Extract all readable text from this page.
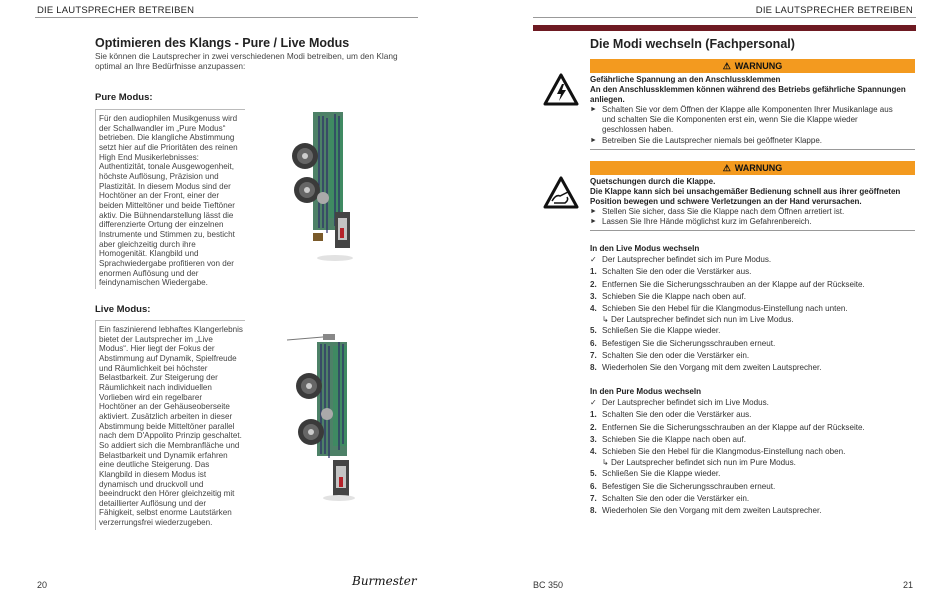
DIE LAUTSPRECHER BETREIBEN
Optimieren des Klangs - Pure / Live Modus
Sie können die Lautsprecher in zwei verschiedenen Modi betreiben, um den Klang
optimal an Ihre Bedürfnisse anzupassen:
Pure Modus:
Für den audiophilen Musikgenuss wird
der Schallwandler im „Pure Modus“
betrieben. Die klangliche Abstimmung
setzt hier auf die Prioritäten des reinen
High End Musikerlebnisses:
Authentizität, tonale Ausgewogenheit,
höchste Auflösung, Präzision und
Plastizität. In diesem Modus sind der
Hochtöner an der Front, einer der
beiden Mitteltöner und beide Tieftöner
aktiv. Die Bühnendarstellung lässt die
differenzierte Ortung der einzelnen
Instrumente und Stimmen zu, besticht
aber gleichzeitig durch ihre
Homogenität. Klangbild und
Sprachwiedergabe profitieren von der
enormen Auflösung und der
feindynamischen Wiedergabe.
Live Modus:
Ein faszinierend lebhaftes Klangerlebnis
bietet der Lautsprecher im „Live
Modus“. Hier liegt der Fokus der
Abstimmung auf Dynamik, Spielfreude
und Räumlichkeit bei höchster
Belastbarkeit. Zur Steigerung der
Räumlichkeit nach individuellen
Vorlieben wird ein regelbarer
Hochtöner an der Gehäuseoberseite
aktiviert. Zusätzlich arbeiten in dieser
Abstimmung beide Mitteltöner parallel
nach dem D'Appolito Prinzip geschaltet.
So addiert sich die Membranfläche und
Belastbarkeit und Dynamik erfahren
eine deutliche Steigerung. Das
Klangbild in diesem Modus ist
dynamisch und druckvoll und
beeindruckt den Hörer gleichzeitig mit
detaillierter Auflösung und der
Fähigkeit, selbst enorme Lautstärken
verzerrungsfrei wiederzugeben.
20	Burmester
DIE LAUTSPRECHER BETREIBEN
Die Modi wechseln (Fachpersonal)
⚠ WARNUNG
Gefährliche Spannung an den Anschlussklemmen
An den Anschlussklemmen können während des Betriebs gefährliche Spannungen
anliegen.
► Schalten Sie vor dem Öffnen der Klappe alle Komponenten Ihrer Musikanlage aus
und schalten Sie die Komponenten erst ein, wenn Sie die Klappe wieder
geschlossen haben.
► Betreiben Sie die Lautsprecher niemals bei geöffneter Klappe.
⚠ WARNUNG
Quetschungen durch die Klappe.
Die Klappe kann sich bei unsachgemäßer Bedienung schnell aus ihrer geöffneten
Position bewegen und schwere Verletzungen an der Hand verursachen.
► Stellen Sie sicher, dass Sie die Klappe nach dem Öffnen arretiert ist.
► Lassen Sie Ihre Hände möglichst kurz im Gefahrenbereich.
In den Live Modus wechseln
✓ Der Lautsprecher befindet sich im Pure Modus.
1. Schalten Sie den oder die Verstärker aus.
2. Entfernen Sie die Sicherungsschrauben an der Klappe auf der Rückseite.
3. Schieben Sie die Klappe nach oben auf.
4. Schieben Sie den Hebel für die Klangmodus-Einstellung nach unten.
↳ Der Lautsprecher befindet sich nun im Live Modus.
5. Schließen Sie die Klappe wieder.
6. Befestigen Sie die Sicherungsschrauben erneut.
7. Schalten Sie den oder die Verstärker ein.
8. Wiederholen Sie den Vorgang mit dem zweiten Lautsprecher.
In den Pure Modus wechseln
✓ Der Lautsprecher befindet sich im Live Modus.
1. Schalten Sie den oder die Verstärker aus.
2. Entfernen Sie die Sicherungsschrauben an der Klappe auf der Rückseite.
3. Schieben Sie die Klappe nach oben auf.
4. Schieben Sie den Hebel für die Klangmodus-Einstellung nach oben.
↳ Der Lautsprecher befindet sich nun im Pure Modus.
5. Schließen Sie die Klappe wieder.
6. Befestigen Sie die Sicherungsschrauben erneut.
7. Schalten Sie den oder die Verstärker ein.
8. Wiederholen Sie den Vorgang mit dem zweiten Lautsprecher.
BC 350	21
